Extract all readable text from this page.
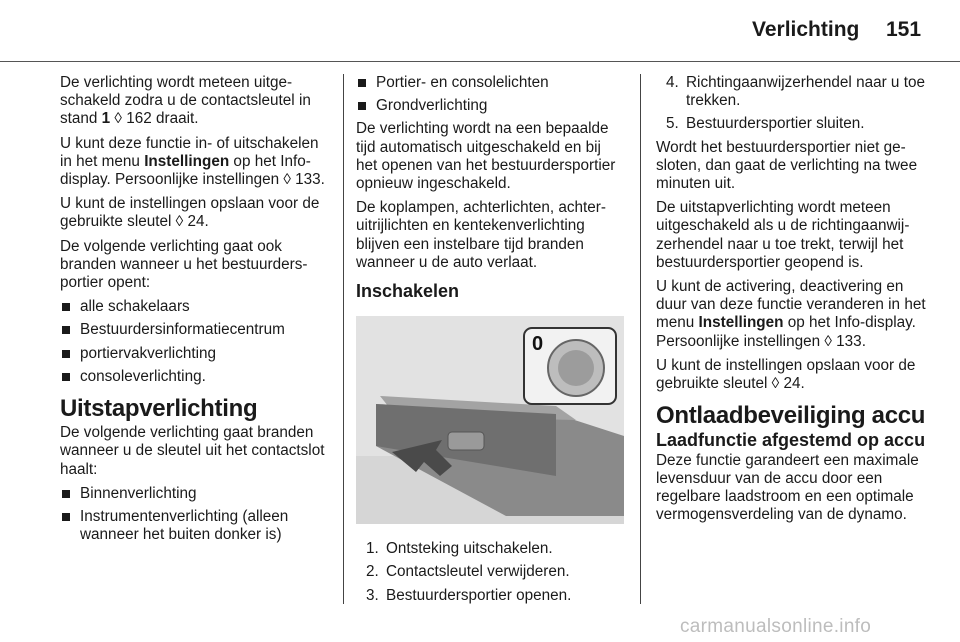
Verlichting 151

De verlichting wordt meteen uitgeschakeld zodra u de contactsleutel in stand 1 ◊ 162 draait.

U kunt deze functie in- of uitschakelen in het menu Instellingen op het Info-display. Persoonlijke instellingen ◊ 133.

U kunt de instellingen opslaan voor de gebruikte sleutel ◊ 24.

De volgende verlichting gaat ook branden wanneer u het bestuurdersportier opent:

alle schakelaars
Bestuurdersinformatiecentrum
portiervakverlichting
consoleverlichting.
Uitstapverlichting

De volgende verlichting gaat branden wanneer u de sleutel uit het contactslot haalt:

Binnenverlichting
Instrumentenverlichting (alleen wanneer het buiten donker is)
Portier- en consolelichten
Grondverlichting

De verlichting wordt na een bepaalde tijd automatisch uitgeschakeld en bij het openen van het bestuurdersportier opnieuw ingeschakeld.

De koplampen, achterlichten, achteruitrijlichten en kentekenverlichting blijven een instelbare tijd branden wanneer u de auto verlaat.

Inschakelen
0
1. Ontsteking uitschakelen.
2. Contactsleutel verwijderen.
3. Bestuurdersportier openen.
4. Richtingaanwijzerhendel naar u toe trekken.
5. Bestuurdersportier sluiten.

Wordt het bestuurdersportier niet gesloten, dan gaat de verlichting na twee minuten uit.

De uitstapverlichting wordt meteen uitgeschakeld als u de richtingaanwijzerhendel naar u toe trekt, terwijl het bestuurdersportier geopend is.

U kunt de activering, deactivering en duur van deze functie veranderen in het menu Instellingen op het Info-display. Persoonlijke instellingen ◊ 133.

U kunt de instellingen opslaan voor de gebruikte sleutel ◊ 24.

Ontlaadbeveiliging accu
Laadfunctie afgestemd op accu

Deze functie garandeert een maximale levensduur van de accu door een regelbare laadstroom en een optimale vermogensverdeling van de dynamo.

carmanualsonline.info
